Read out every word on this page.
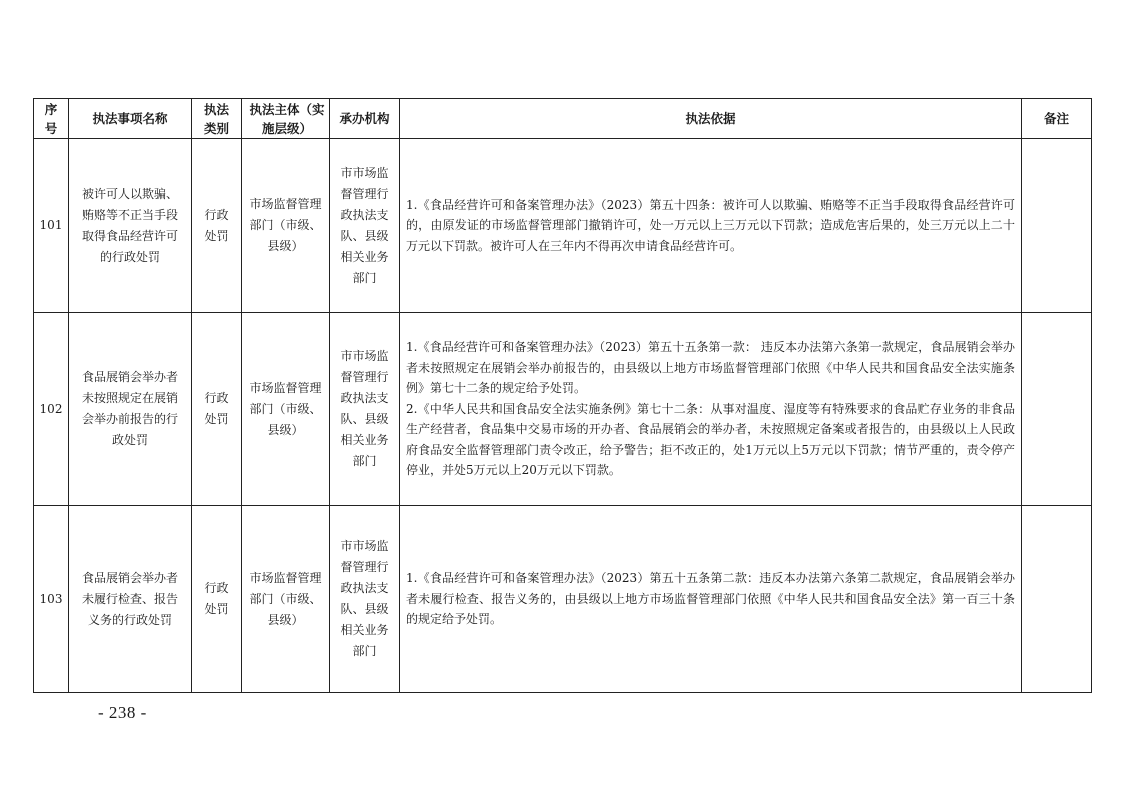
序号	执法事项名称	执法类别	执法主体（实施层级）	承办机构	执法依据	备注
101	被许可人以欺骗、贿赂等不正当手段取得食品经营许可的行政处罚	行政处罚	市场监督管理部门（市级、县级）	市市场监督管理行政执法支队、县级相关业务部门	1.《食品经营许可和备案管理办法》（2023）第五十四条：被许可人以欺骗、贿赂等不正当手段取得食品经营许可的，由原发证的市场监督管理部门撤销许可，处一万元以上三万元以下罚款；造成危害后果的，处三万元以上二十万元以下罚款。被许可人在三年内不得再次申请食品经营许可。	

102	食品展销会举办者未按照规定在展销会举办前报告的行政处罚	行政处罚	市场监督管理部门（市级、县级）	市市场监督管理行政执法支队、县级相关业务部门	1.《食品经营许可和备案管理办法》（2023）第五十五条第一款： 违反本办法第六条第一款规定，食品展销会举办者未按照规定在展销会举办前报告的，由县级以上地方市场监督管理部门依照《中华人民共和国食品安全法实施条例》第七十二条的规定给予处罚。

2.《中华人民共和国食品安全法实施条例》第七十二条：从事对温度、湿度等有特殊要求的食品贮存业务的非食品生产经营者，食品集中交易市场的开办者、食品展销会的举办者，未按照规定备案或者报告的，由县级以上人民政府食品安全监督管理部门责令改正，给予警告；拒不改正的，处1万元以上5万元以下罚款；情节严重的，责令停产停业，并处5万元以上20万元以下罚款。	

103	食品展销会举办者未履行检查、报告义务的行政处罚	行政处罚	市场监督管理部门（市级、县级）	市市场监督管理行政执法支队、县级相关业务部门	1.《食品经营许可和备案管理办法》（2023）第五十五条第二款：违反本办法第六条第二款规定，食品展销会举办者未履行检查、报告义务的，由县级以上地方市场监督管理部门依照《中华人民共和国食品安全法》第一百三十条的规定给予处罚。	

- 238 -
